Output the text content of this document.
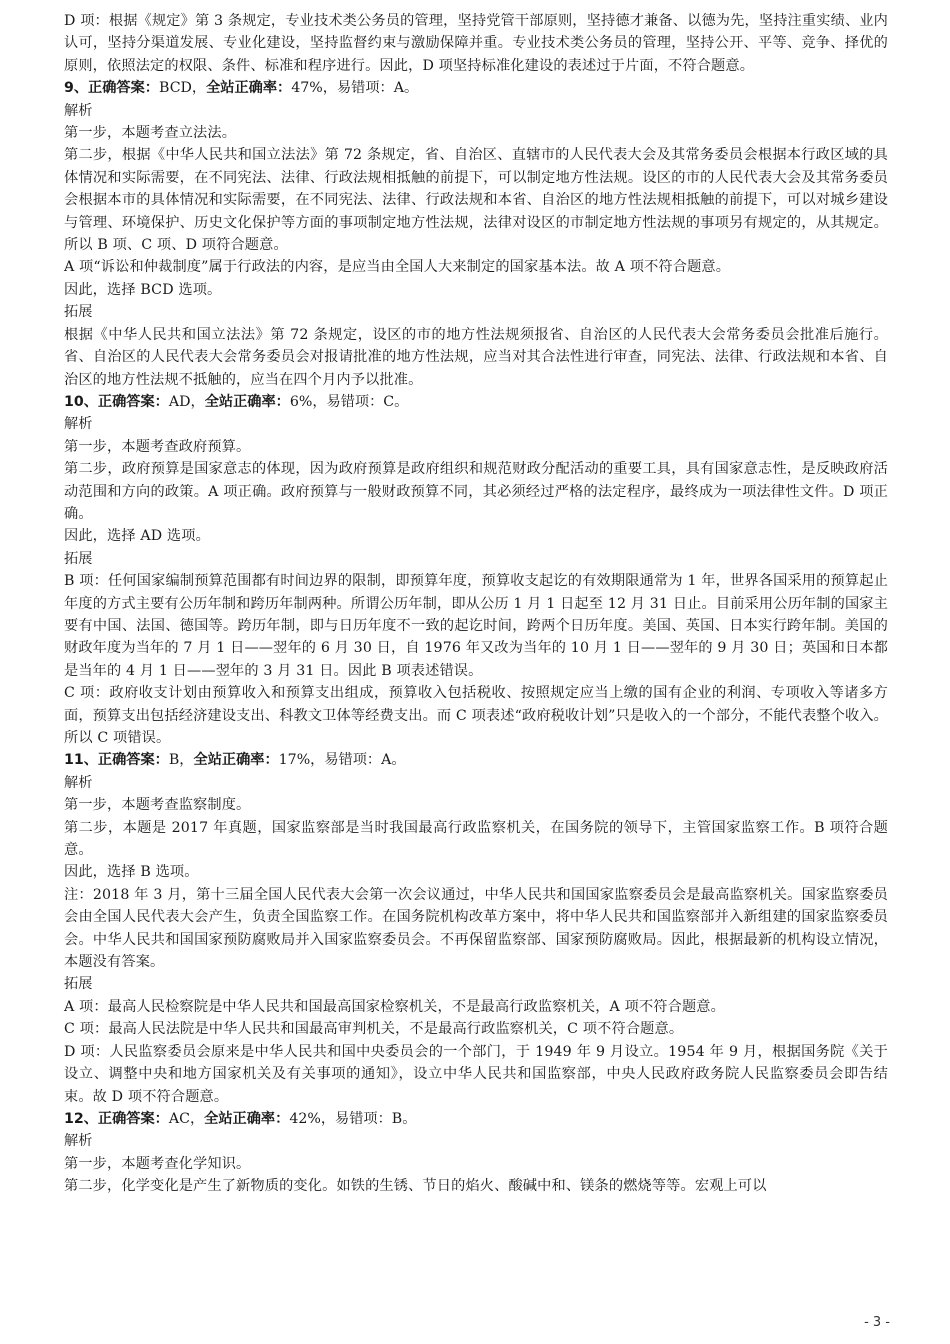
D 项：根据《规定》第 3 条规定，专业技术类公务员的管理，坚持党管干部原则，坚持德才兼备、以德为先，坚持注重实绩、业内认可，坚持分渠道发展、专业化建设，坚持监督约束与激励保障并重。专业技术类公务员的管理，坚持公开、平等、竞争、择优的原则，依照法定的权限、条件、标准和程序进行。因此，D 项坚持标准化建设的表述过于片面，不符合题意。

9、正确答案：BCD，全站正确率：47%，易错项：A。
解析

第一步，本题考查立法法。

第二步，根据《中华人民共和国立法法》第 72 条规定，省、自治区、直辖市的人民代表大会及其常务委员会根据本行政区域的具体情况和实际需要，在不同宪法、法律、行政法规相抵触的前提下，可以制定地方性法规。设区的市的人民代表大会及其常务委员会根据本市的具体情况和实际需要，在不同宪法、法律、行政法规和本省、自治区的地方性法规相抵触的前提下，可以对城乡建设与管理、环境保护、历史文化保护等方面的事项制定地方性法规，法律对设区的市制定地方性法规的事项另有规定的，从其规定。所以 B 项、C 项、D 项符合题意。

A 项“诉讼和仲裁制度”属于行政法的内容，是应当由全国人大来制定的国家基本法。故 A 项不符合题意。

因此，选择 BCD 选项。

拓展

根据《中华人民共和国立法法》第 72 条规定，设区的市的地方性法规须报省、自治区的人民代表大会常务委员会批准后施行。省、自治区的人民代表大会常务委员会对报请批准的地方性法规，应当对其合法性进行审查，同宪法、法律、行政法规和本省、自治区的地方性法规不抵触的，应当在四个月内予以批准。

10、正确答案：AD，全站正确率：6%，易错项：C。
解析

第一步，本题考查政府预算。

第二步，政府预算是国家意志的体现，因为政府预算是政府组织和规范财政分配活动的重要工具，具有国家意志性，是反映政府活动范围和方向的政策。A 项正确。政府预算与一般财政预算不同，其必须经过严格的法定程序，最终成为一项法律性文件。D 项正确。

因此，选择 AD 选项。

拓展

B 项：任何国家编制预算范围都有时间边界的限制，即预算年度，预算收支起讫的有效期限通常为 1 年，世界各国采用的预算起止年度的方式主要有公历年制和跨历年制两种。所谓公历年制，即从公历 1 月 1 日起至 12 月 31 日止。目前采用公历年制的国家主要有中国、法国、德国等。跨历年制，即与日历年度不一致的起讫时间，跨两个日历年度。美国、英国、日本实行跨年制。美国的财政年度为当年的 7 月 1 日——翌年的 6 月 30 日，自 1976 年又改为当年的 10 月 1 日——翌年的 9 月 30 日；英国和日本都是当年的 4 月 1 日——翌年的 3 月 31 日。因此 B 项表述错误。

C 项：政府收支计划由预算收入和预算支出组成，预算收入包括税收、按照规定应当上缴的国有企业的利润、专项收入等诸多方面，预算支出包括经济建设支出、科教文卫体等经费支出。而 C 项表述“政府税收计划”只是收入的一个部分，不能代表整个收入。所以 C 项错误。

11、正确答案：B，全站正确率：17%，易错项：A。
解析

第一步，本题考查监察制度。

第二步，本题是 2017 年真题，国家监察部是当时我国最高行政监察机关，在国务院的领导下，主管国家监察工作。B 项符合题意。

因此，选择 B 选项。

注：2018 年 3 月，第十三届全国人民代表大会第一次会议通过，中华人民共和国国家监察委员会是最高监察机关。国家监察委员会由全国人民代表大会产生，负责全国监察工作。在国务院机构改革方案中，将中华人民共和国监察部并入新组建的国家监察委员会。中华人民共和国国家预防腐败局并入国家监察委员会。不再保留监察部、国家预防腐败局。因此，根据最新的机构设立情况，本题没有答案。

拓展

A 项：最高人民检察院是中华人民共和国最高国家检察机关，不是最高行政监察机关，A 项不符合题意。

C 项：最高人民法院是中华人民共和国最高审判机关，不是最高行政监察机关，C 项不符合题意。

D 项：人民监察委员会原来是中华人民共和国中央委员会的一个部门，于 1949 年 9 月设立。1954 年 9 月，根据国务院《关于设立、调整中央和地方国家机关及有关事项的通知》，设立中华人民共和国监察部，中央人民政府政务院人民监察委员会即告结束。故 D 项不符合题意。

12、正确答案：AC，全站正确率：42%，易错项：B。
解析

第一步，本题考查化学知识。

第二步，化学变化是产生了新物质的变化。如铁的生锈、节日的焰火、酸碱中和、镁条的燃烧等等。宏观上可以

- 3 -
